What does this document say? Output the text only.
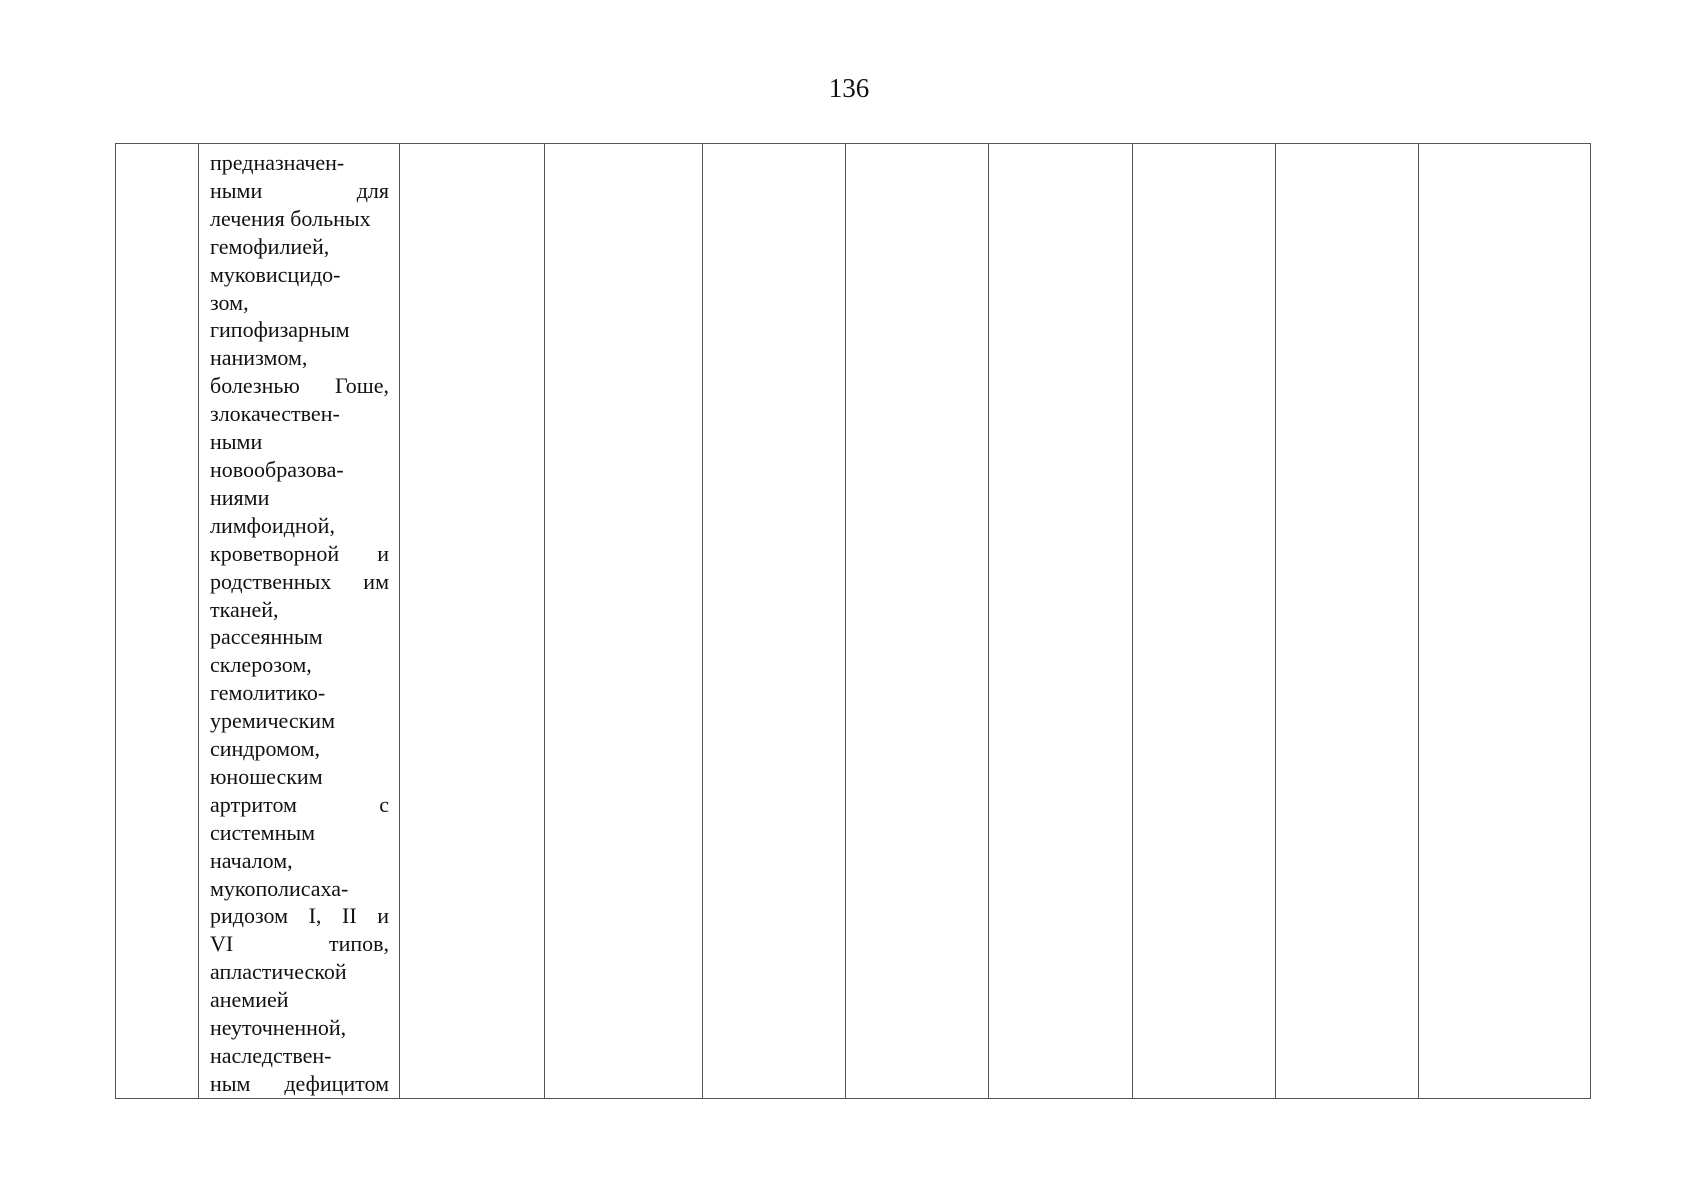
136

предназначен-
ными для
лечения больных
гемофилией,
муковисцидо-
зом,
гипофизарным
нанизмом,
болезнью Гоше,
злокачествен-
ными
новообразова-
ниями
лимфоидной,
кроветворной и
родственных им
тканей,
рассеянным
склерозом,
гемолитико-
уремическим
синдромом,
юношеским
артритом с
системным
началом,
мукополисаха-
ридозом I, II и
VI типов,
апластической
анемией
неуточненной,
наследствен-
ным дефицитом
